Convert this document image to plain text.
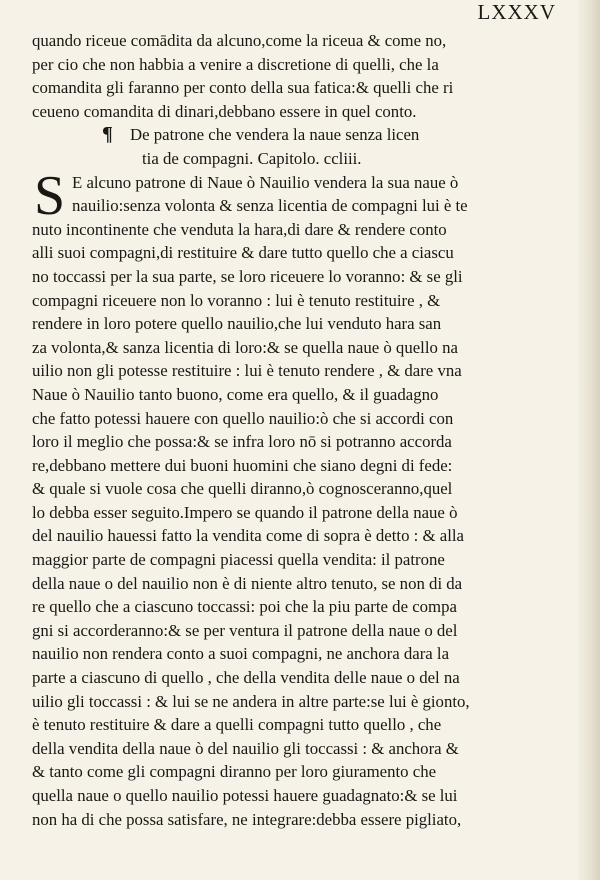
LXXXV
quando riceue comādita da alcuno,come la riceua & come no,
per cio che non habbia a venire a discretione di quelli, che la
comandita gli faranno per conto della sua fatica:& quelli che ri
ceueno comandita di dinari,debbano essere in quel conto.
¶ De patrone che vendera la naue senza licen
tia de compagni. Capitolo. ccliii.
S E alcuno patrone di Naue ò Nauilio vendera la sua naue ò
nauilio:senza volonta & senza licentia de compagni lui è te
nuto incontinente che venduta la hara,di dare & rendere conto
alli suoi compagni,di restituire & dare tutto quello che a ciascu
no toccassi per la sua parte, se loro riceuere lo voranno: & se gli
compagni riceuere non lo voranno : lui è tenuto restituire , &
rendere in loro potere quello nauilio,che lui venduto hara san
za volonta,& sanza licentia di loro:& se quella naue ò quello na
uilio non gli potesse restituire : lui è tenuto rendere , & dare vna
Naue ò Nauilio tanto buono, come era quello, & il guadagno
che fatto potessi hauere con quello nauilio:ò che si accordi con
loro il meglio che possa:& se infra loro nō si potranno accorda
re,debbano mettere dui buoni huomini che siano degni di fede:
& quale si vuole cosa che quelli diranno,ò cognosceranno,quel
lo debba esser seguito.Impero se quando il patrone della naue ò
del nauilio hauessi fatto la vendita come di sopra è detto : & alla
maggior parte de compagni piacessi quella vendita: il patrone
della naue o del nauilio non è di niente altro tenuto, se non di da
re quello che a ciascuno toccassi: poi che la piu parte de compa
gni si accorderanno:& se per ventura il patrone della naue o del
nauilio non rendera conto a suoi compagni, ne anchora dara la
parte a ciascuno di quello , che della vendita delle naue o del na
uilio gli toccassi : & lui se ne andera in altre parte:se lui è gionto,
è tenuto restituire & dare a quelli compagni tutto quello , che
della vendita della naue ò del nauilio gli toccassi : & anchora &
& tanto come gli compagni diranno per loro giuramento che
quella naue o quello nauilio potessi hauere guadagnato:& se lui
non ha di che possa satisfare, ne integrare:debba essere pigliato,
